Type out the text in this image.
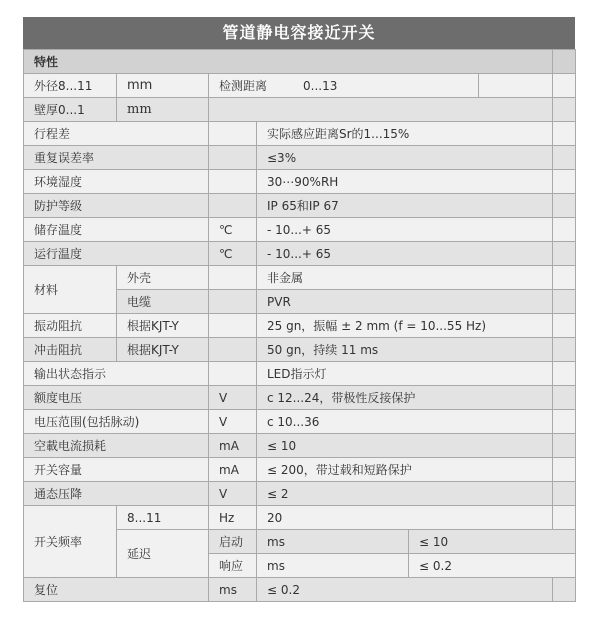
管道静电容接近开关
特性						
外径8...11	mm	检测距离 0...13				
壁厚0...1	mm					
行程差			实际感应距离Sr的1...15%			
重复误差率			≤3%			
环境湿度			30⋯90%RH			
防护等级			IP 65和IP 67			
储存温度		℃	- 10...+ 65			
运行温度		℃	- 10...+ 65			
材料	外壳		非金属			
	电缆		PVR			
振动阻抗	根据KJT-Y		25 gn，振幅 ± 2 mm (f = 10...55 Hz)			
冲击阻抗	根据KJT-Y		50 gn，持续 11 ms			
输出状态指示			LED指示灯			
额度电压		V	c 12...24，带极性反接保护			
电压范围(包括脉动)		V	c 10...36			
空載电流损耗		mA	≤ 10			
开关容量		mA	≤ 200，带过载和短路保护			
通态压降		V	≤ 2			
开关频率	8...11	Hz	20			
	延迟	启动	ms	≤ 10		
		响应	ms	≤ 0.2		
复位		ms	≤ 0.2			
